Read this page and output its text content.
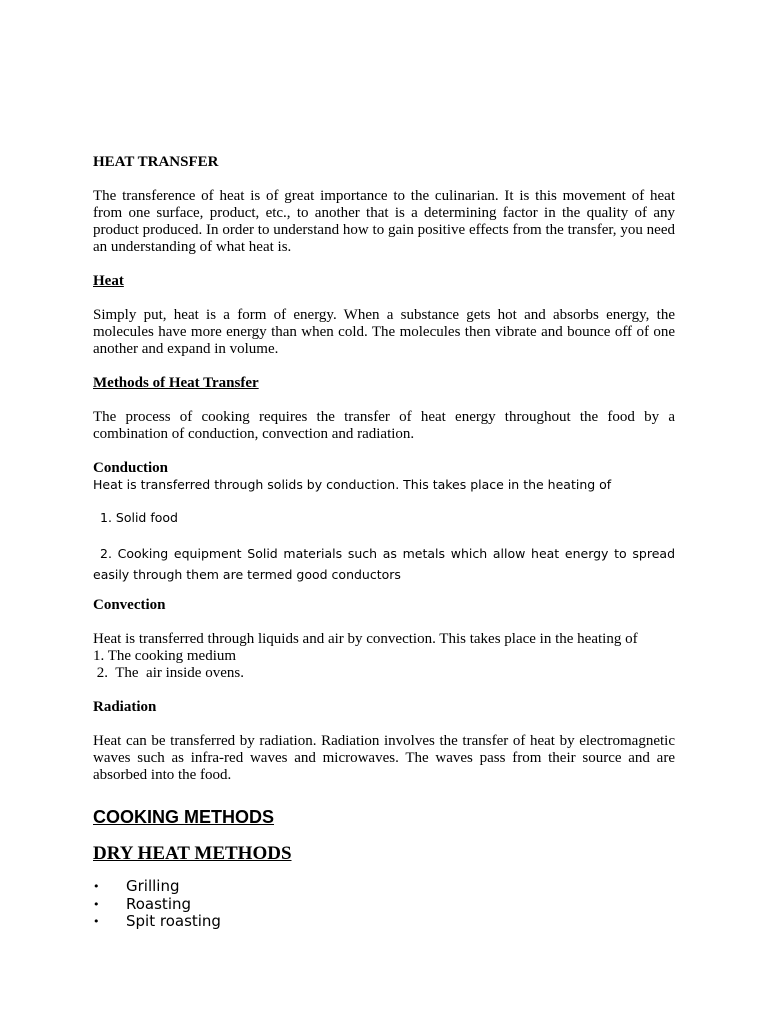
HEAT TRANSFER

The transference of heat is of great importance to the culinarian. It is this movement of heat from one surface, product, etc., to another that is a determining factor in the quality of any product produced. In order to understand how to gain positive effects from the transfer, you need an understanding of what heat is.

Heat

Simply put, heat is a form of energy. When a substance gets hot and absorbs energy, the molecules have more energy than when cold. The molecules then vibrate and bounce off of one another and expand in volume.

Methods of Heat Transfer

The process of cooking requires the transfer of heat energy throughout the food by a combination of conduction, convection and radiation.

Conduction

Heat is transferred through solids by conduction. This takes place in the heating of

1. Solid food

2. Cooking equipment Solid materials such as metals which allow heat energy to spread easily through them are termed good conductors

Convection

Heat is transferred through liquids and air by convection. This takes place in the heating of

1. The cooking medium

2.  The  air inside ovens.

Radiation

Heat can be transferred by radiation. Radiation involves the transfer of heat by electromagnetic waves such as infra-red waves and microwaves. The waves pass from their source and are absorbed into the food.

COOKING METHODS
DRY HEAT METHODS
• Grilling
• Roasting
• Spit roasting
